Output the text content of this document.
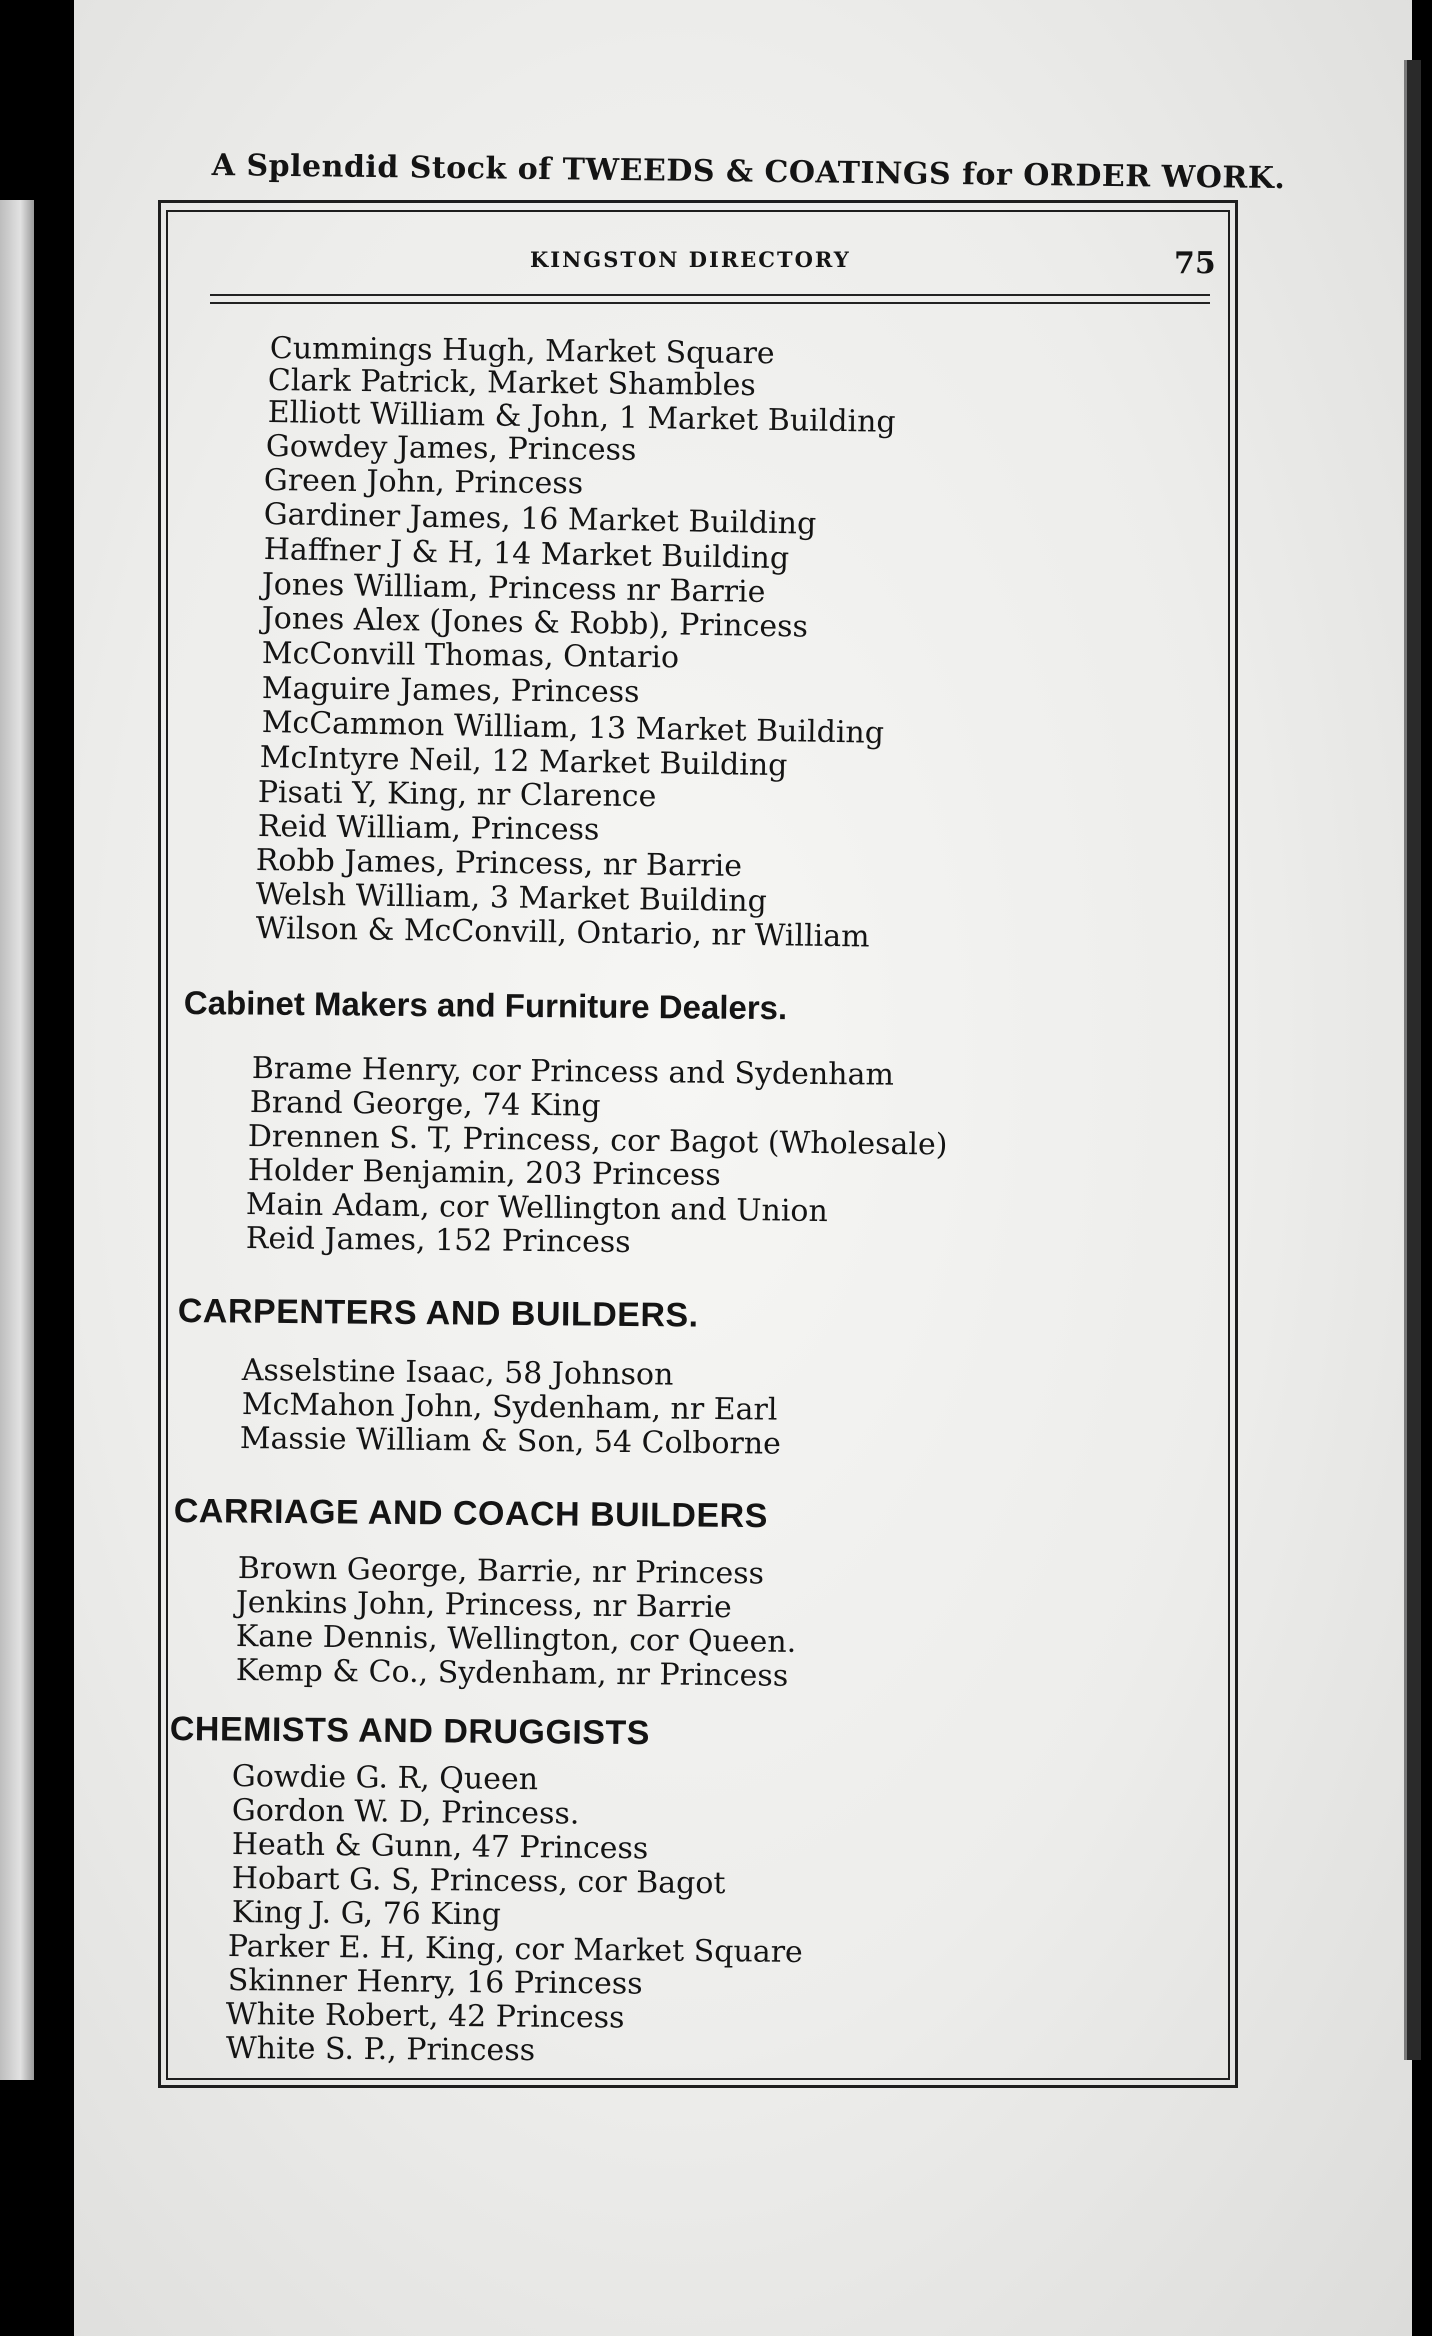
A Splendid Stock of TWEEDS & COATINGS for ORDER WORK.
KINGSTON DIRECTORY	75
Cummings Hugh, Market Square
Clark Patrick, Market Shambles
Elliott William & John, 1 Market Building
Gowdey James, Princess
Green John, Princess
Gardiner James, 16 Market Building
Haffner J & H, 14 Market Building
Jones William, Princess nr Barrie
Jones Alex (Jones & Robb), Princess
McConvill Thomas, Ontario
Maguire James, Princess
McCammon William, 13 Market Building
McIntyre Neil, 12 Market Building
Pisati Y, King, nr Clarence
Reid William, Princess
Robb James, Princess, nr Barrie
Welsh William, 3 Market Building
Wilson & McConvill, Ontario, nr William
Cabinet Makers and Furniture Dealers.
Brame Henry, cor Princess and Sydenham
Brand George, 74 King
Drennen S. T, Princess, cor Bagot (Wholesale)
Holder Benjamin, 203 Princess
Main Adam, cor Wellington and Union
Reid James, 152 Princess
CARPENTERS AND BUILDERS.
Asselstine Isaac, 58 Johnson
McMahon John, Sydenham, nr Earl
Massie William & Son, 54 Colborne
CARRIAGE AND COACH BUILDERS
Brown George, Barrie, nr Princess
Jenkins John, Princess, nr Barrie
Kane Dennis, Wellington, cor Queen.
Kemp & Co., Sydenham, nr Princess
CHEMISTS AND DRUGGISTS
Gowdie G. R, Queen
Gordon W. D, Princess.
Heath & Gunn, 47 Princess
Hobart G. S, Princess, cor Bagot
King J. G, 76 King
Parker E. H, King, cor Market Square
Skinner Henry, 16 Princess
White Robert, 42 Princess
White S. P., Princess
